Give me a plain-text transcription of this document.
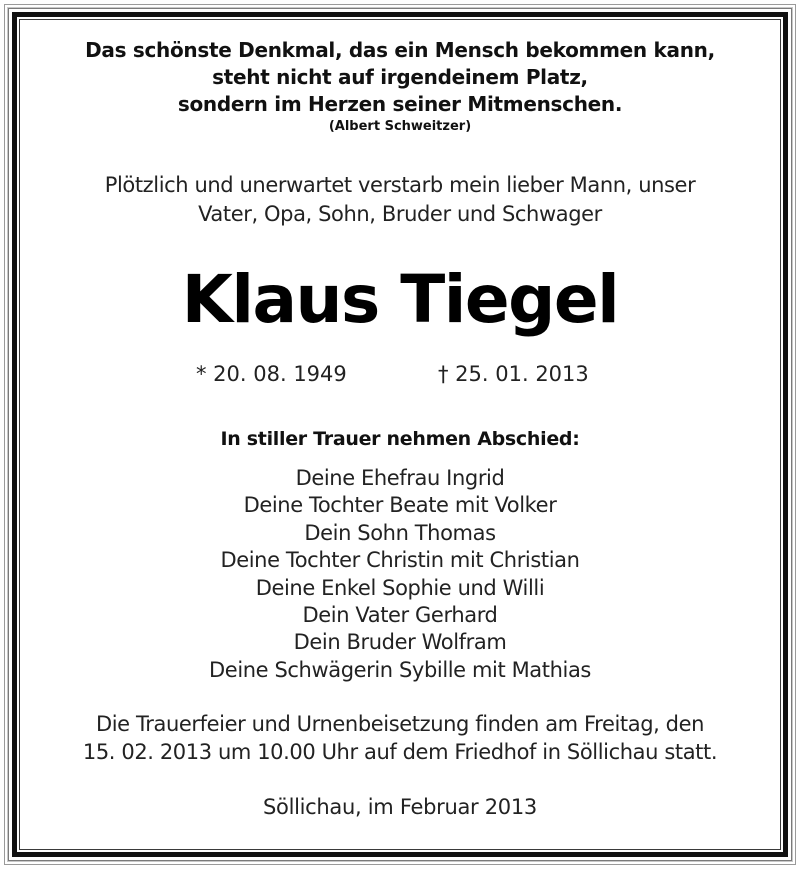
Das schönste Denkmal, das ein Mensch bekommen kann,
steht nicht auf irgendeinem Platz,
sondern im Herzen seiner Mitmenschen.
(Albert Schweitzer)
Plötzlich und unerwartet verstarb mein lieber Mann, unser
Vater, Opa, Sohn, Bruder und Schwager
Klaus Tiegel
* 20. 08. 1949	† 25. 01. 2013
In stiller Trauer nehmen Abschied:
Deine Ehefrau Ingrid
Deine Tochter Beate mit Volker
Dein Sohn Thomas
Deine Tochter Christin mit Christian
Deine Enkel Sophie und Willi
Dein Vater Gerhard
Dein Bruder Wolfram
Deine Schwägerin Sybille mit Mathias
Die Trauerfeier und Urnenbeisetzung finden am Freitag, den
15. 02. 2013 um 10.00 Uhr auf dem Friedhof in Söllichau statt.
Söllichau, im Februar 2013
